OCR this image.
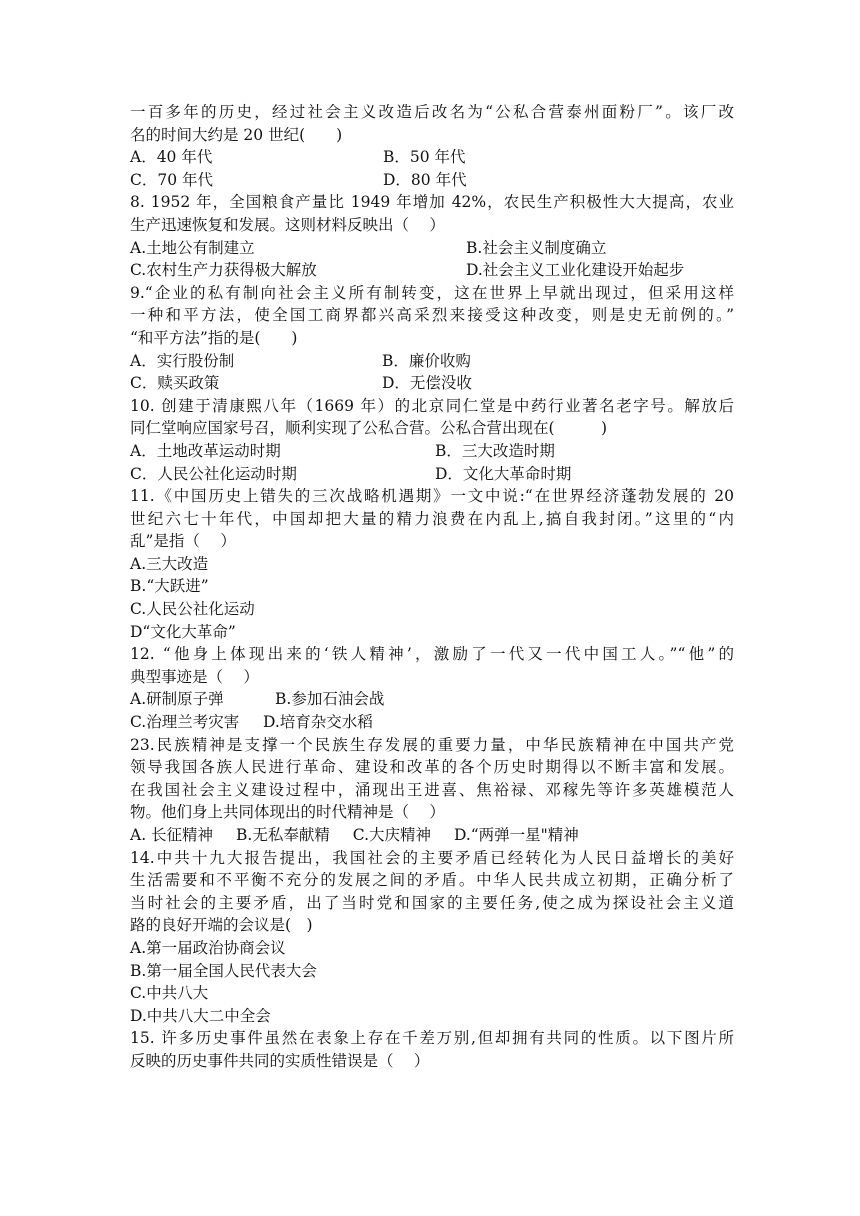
一百多年的历史，经过社会主义改造后改名为“公私合营泰州面粉厂”。该厂改
名的时间大约是 20 世纪(　　)
A．40 年代	B．50 年代
C．70 年代	D．80 年代
8. 1952 年，全国粮食产量比 1949 年增加 42%，农民生产积极性大大提高，农业
生产迅速恢复和发展。这则材料反映出（　 ）
A.土地公有制建立	B.社会主义制度确立
C.农村生产力获得极大解放	D.社会主义工业化建设开始起步
9.“企业的私有制向社会主义所有制转变，这在世界上早就出现过，但采用这样
一种和平方法，使全国工商界都兴高采烈来接受这种改变，则是史无前例的。”
“和平方法”指的是(　　)
A．实行股份制	B．廉价收购
C．赎买政策	D．无偿没收
10. 创建于清康熙八年（1669 年）的北京同仁堂是中药行业著名老字号。解放后
同仁堂响应国家号召，顺利实现了公私合营。公私合营出现在(　　　)
A．土地改革运动时期	B．三大改造时期
C．人民公社化运动时期	D．文化大革命时期
11.《中国历史上错失的三次战略机遇期》一文中说:“在世界经济蓬勃发展的 20
世纪六七十年代，中国却把大量的精力浪费在内乱上,搞自我封闭。”这里的“内
乱”是指（　 ）
A.三大改造
B.“大跃进”
C.人民公社化运动
D“文化大革命”
12. “他身上体现出来的‘铁人精神’，激励了一代又一代中国工人。”“他”的
典型事迹是（　 ）
A.研制原子弹	B.参加石油会战
C.治理兰考灾害	D.培育杂交水稻
23.民族精神是支撑一个民族生存发展的重要力量，中华民族精神在中国共产党
领导我国各族人民进行革命、建设和改革的各个历史时期得以不断丰富和发展。
在我国社会主义建设过程中，涌现出王进喜、焦裕禄、邓稼先等许多英雄模范人
物。他们身上共同体现出的时代精神是（　 ）
A. 长征精神 B.无私奉献精 C.大庆精神 D.“两弹一星"精神
14.中共十九大报告提出，我国社会的主要矛盾已经转化为人民日益增长的美好
生活需要和不平衡不充分的发展之间的矛盾。中华人民共成立初期，正确分析了
当时社会的主要矛盾，出了当时党和国家的主要任务,使之成为探设社会主义道
路的良好开端的会议是(　)
A.第一届政治协商会议
B.第一届全国人民代表大会
C.中共八大
D.中共八大二中全会
15. 许多历史事件虽然在表象上存在千差万别,但却拥有共同的性质。以下图片所
反映的历史事件共同的实质性错误是（　 ）
